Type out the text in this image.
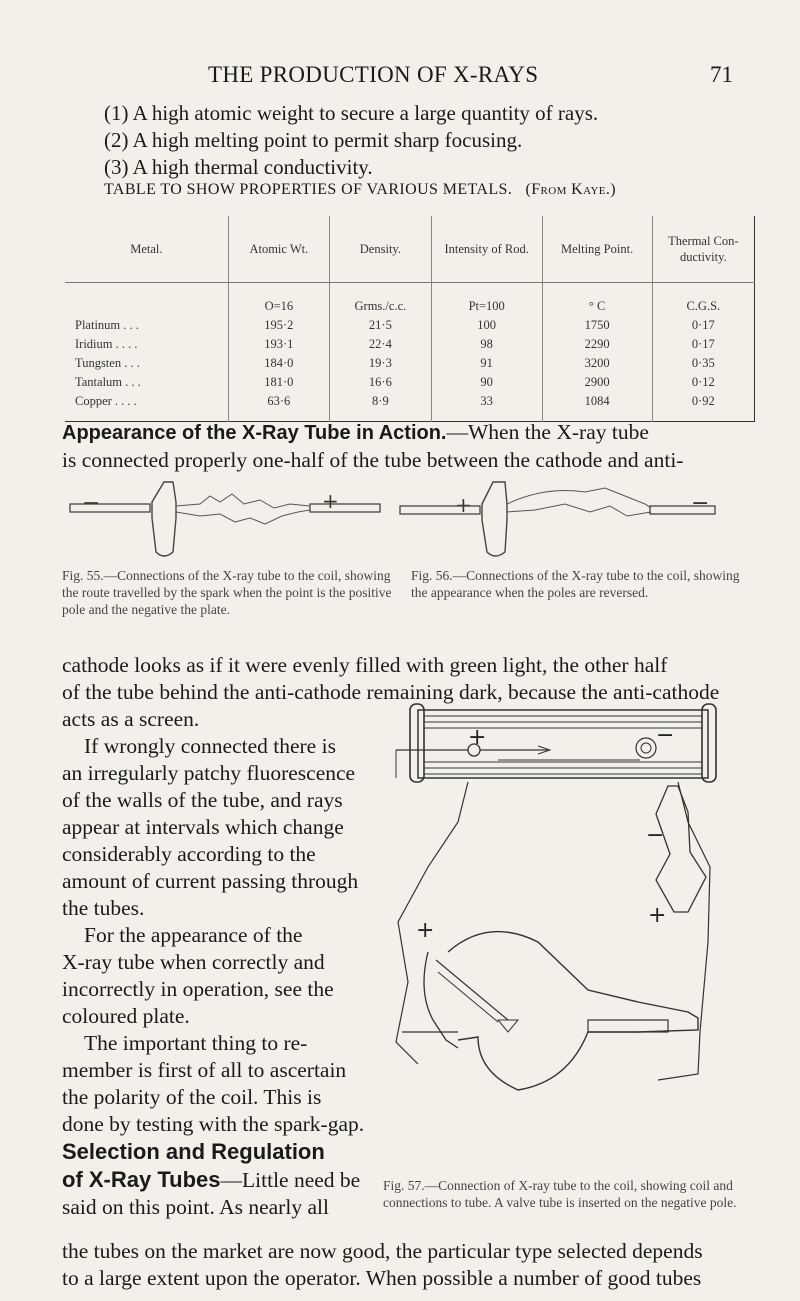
THE PRODUCTION OF X-RAYS	71
(1) A high atomic weight to secure a large quantity of rays.
(2) A high melting point to permit sharp focusing.
(3) A high thermal conductivity.
TABLE TO SHOW PROPERTIES OF VARIOUS METALS. (From Kaye.)
Metal.	Atomic Wt.	Density.	Intensity of Rod.	Melting Point.	Thermal Con-ductivity.
	O=16	Grms./c.c.	Pt=100	° C	C.G.S.
Platinum . . .	195·2	21·5	100	1750	0·17
Iridium . . . .	193·1	22·4	98	2290	0·17
Tungsten . . .	184·0	19·3	91	3200	0·35
Tantalum . . .	181·0	16·6	90	2900	0·12
Copper . . . .	63·6	8·9	33	1084	0·92
Appearance of the X-Ray Tube in Action.—When the X-ray tube
is connected properly one-half of the tube between the cathode and anti-
−	+	+	−
Fig. 55.—Connections of the X-ray tube to the coil, showing the route travelled by the spark when the point is the positive pole and the negative the plate.
Fig. 56.—Connections of the X-ray tube to the coil, showing the appearance when the poles are reversed.
cathode looks as if it were evenly filled with green light, the other half
of the tube behind the anti-cathode remaining dark, because the anti-cathode
acts as a screen.
If wrongly connected there is
an irregularly patchy fluorescence
of the walls of the tube, and rays
appear at intervals which change
considerably according to the
amount of current passing through
the tubes.
For the appearance of the
X-ray tube when correctly and
incorrectly in operation, see the
coloured plate.
The important thing to re-
member is first of all to ascertain
the polarity of the coil. This is
done by testing with the spark-gap.
Selection and Regulation
of X-Ray Tubes—Little need be
said on this point. As nearly all
+	−
−
+
+
Fig. 57.—Connection of X-ray tube to the coil, showing coil and connections to tube. A valve tube is inserted on the negative pole.
the tubes on the market are now good, the particular type selected depends
to a large extent upon the operator. When possible a number of good tubes
